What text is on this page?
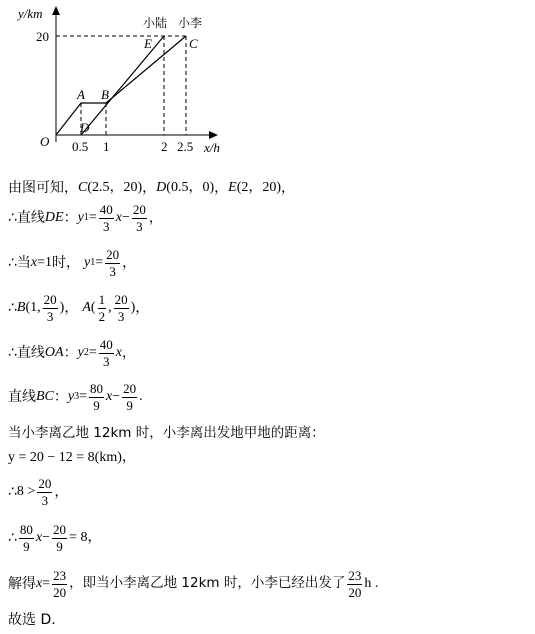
y/km
x/h
O
20
0.5 1	2 2.5
A B
D
E	C
小陆 小李
由图可知， C (2.5，20) ， D (0.5，0) ， E (2，20) ，
∴直线 DE ： y $1 = \frac{40}{3}$ $x - \frac{20}{3}$ ，
∴当 x =1 时， y $1 = \frac{20}{3}$ ，
∴ B (1, $\frac{20}{3}$ ) ， A ( $\frac{1}{2}$ , $\frac{20}{3}$ ) ，
∴直线 OA ： y $2 = \frac{40}{3}$ x ，
直线 BC ： y $3 = \frac{80}{9}$ $x - \frac{20}{9}$ .
当小李离乙地 12km 时，小李离出发地甲地的距离：
y = 20 − 12 = 8(km)，
∴ $8 > \frac{20}{3}$ ，
∴ $\frac{80}{9}$ $x - \frac{20}{9} = 8$，
解得 $x = \frac{23}{20}$ ，即当小李离乙地 12km 时，小李已经出发了 $\frac{23}{20}$ h .
故选 D.
